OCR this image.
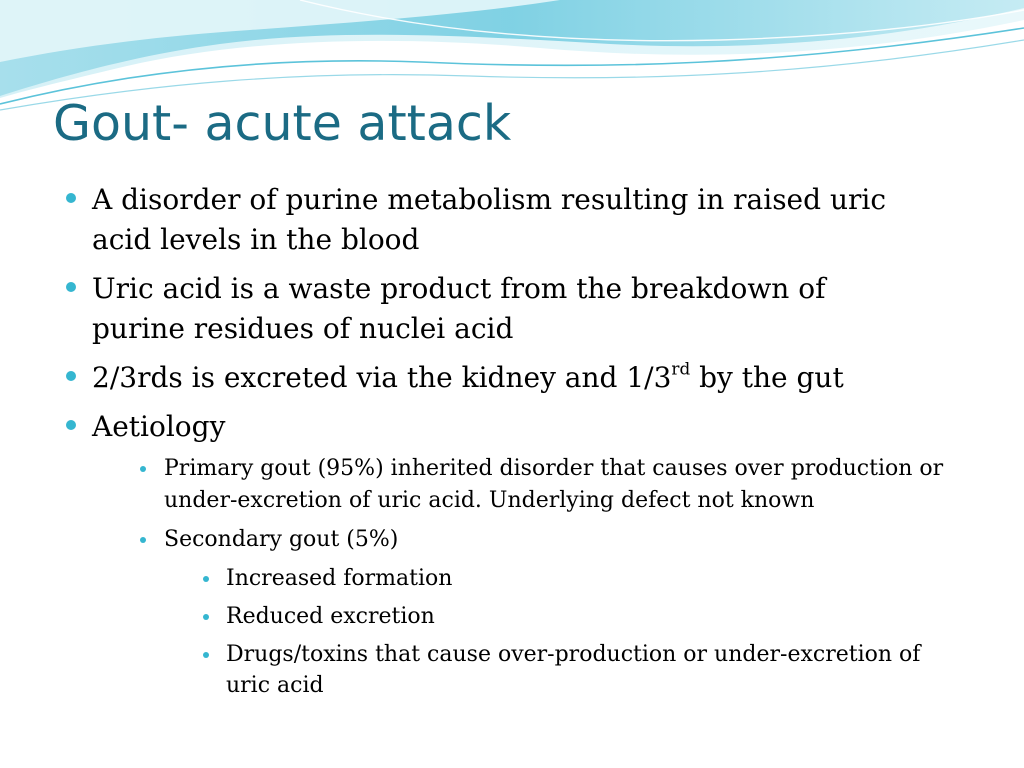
Gout- acute attack
A disorder of purine metabolism resulting in raised uric acid levels in the blood
Uric acid is a waste product from the breakdown of purine residues of nuclei acid
2/3rds is excreted via the kidney and 1/3rd by the gut
Aetiology
Primary gout (95%) inherited disorder that causes over production or under-excretion of uric acid. Underlying defect not known
Secondary gout (5%)
Increased formation
Reduced excretion
Drugs/toxins that cause over-production or under-excretion of uric acid
